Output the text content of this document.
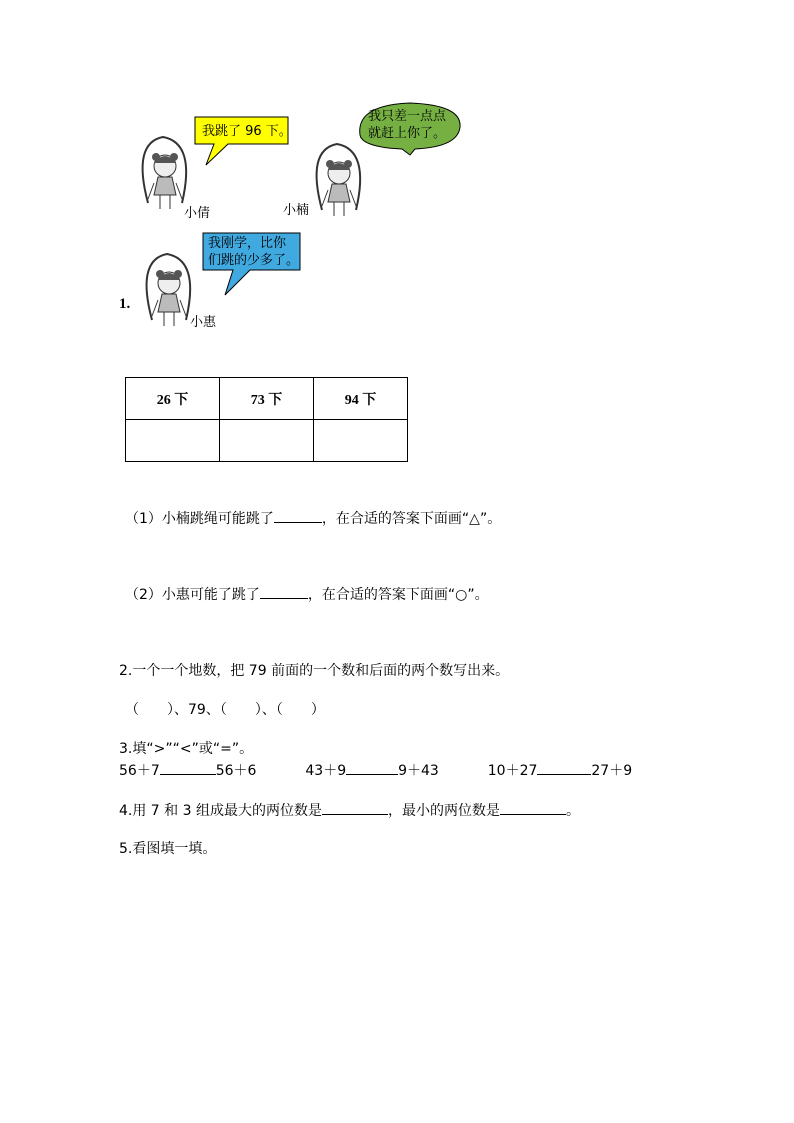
我跳了 96 下。
我只差一点点
就赶上你了。
我刚学，比你
们跳的少多了。
小倩	小楠
小惠
1.
26 下	73 下	94 下

（1）小楠跳绳可能跳了	，在合适的答案下面画“△”。
（2）小惠可能了跳了	，在合适的答案下面画“○”。
2.一个一个地数，把 79 前面的一个数和后面的两个数写出来。
（　　）、79、（　　）、（　　）
3.填“>”“<”或“=”。
56＋7	56＋6	43＋9	9＋43	10＋27	27＋9
4.用 7 和 3 组成最大的两位数是	，最小的两位数是	。
5.看图填一填。
